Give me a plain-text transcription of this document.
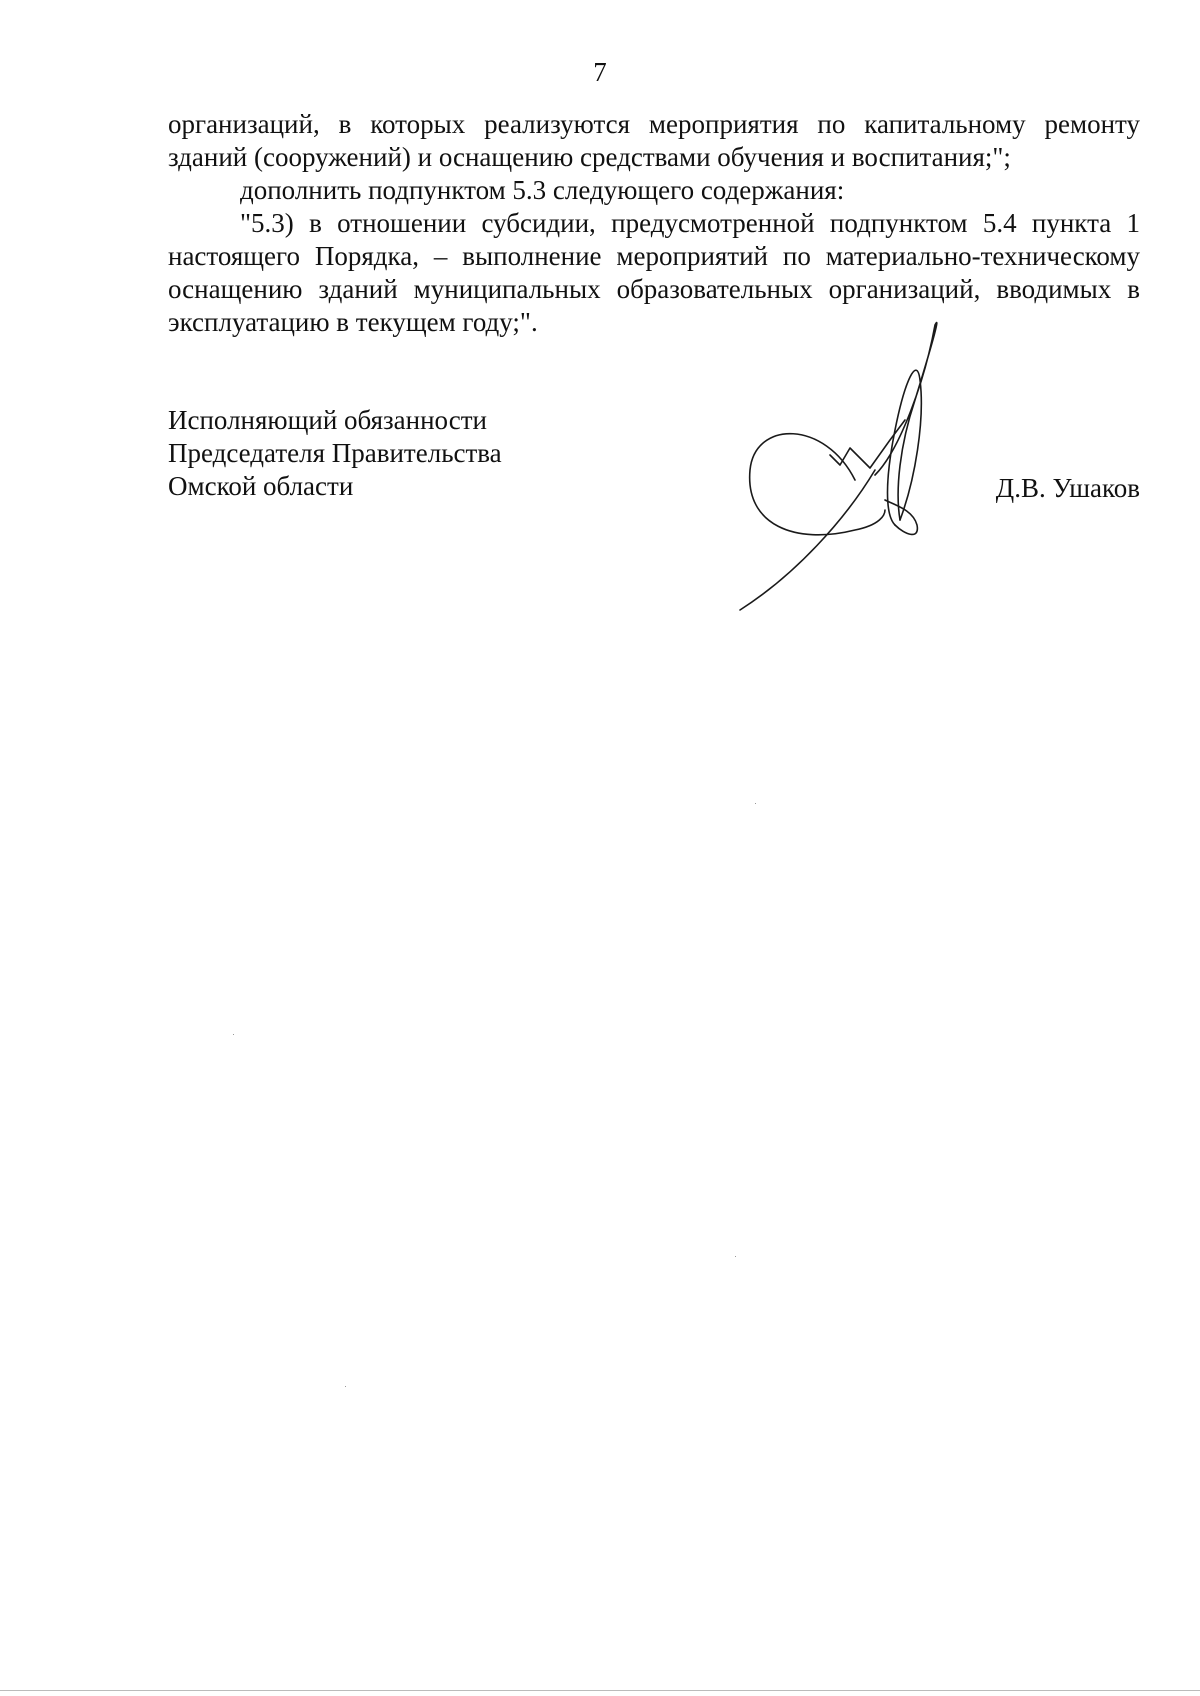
7

организаций, в которых реализуются мероприятия по капитальному ремонту зданий (сооружений) и оснащению средствами обучения и воспитания;";

дополнить подпунктом 5.3 следующего содержания:

"5.3) в отношении субсидии, предусмотренной подпунктом 5.4 пункта 1 настоящего Порядка, – выполнение мероприятий по материально-техническому оснащению зданий муниципальных образовательных организаций, вводимых в эксплуатацию в текущем году;".

Исполняющий обязанности
Председателя Правительства
Омской области	Д.В. Ушаков
